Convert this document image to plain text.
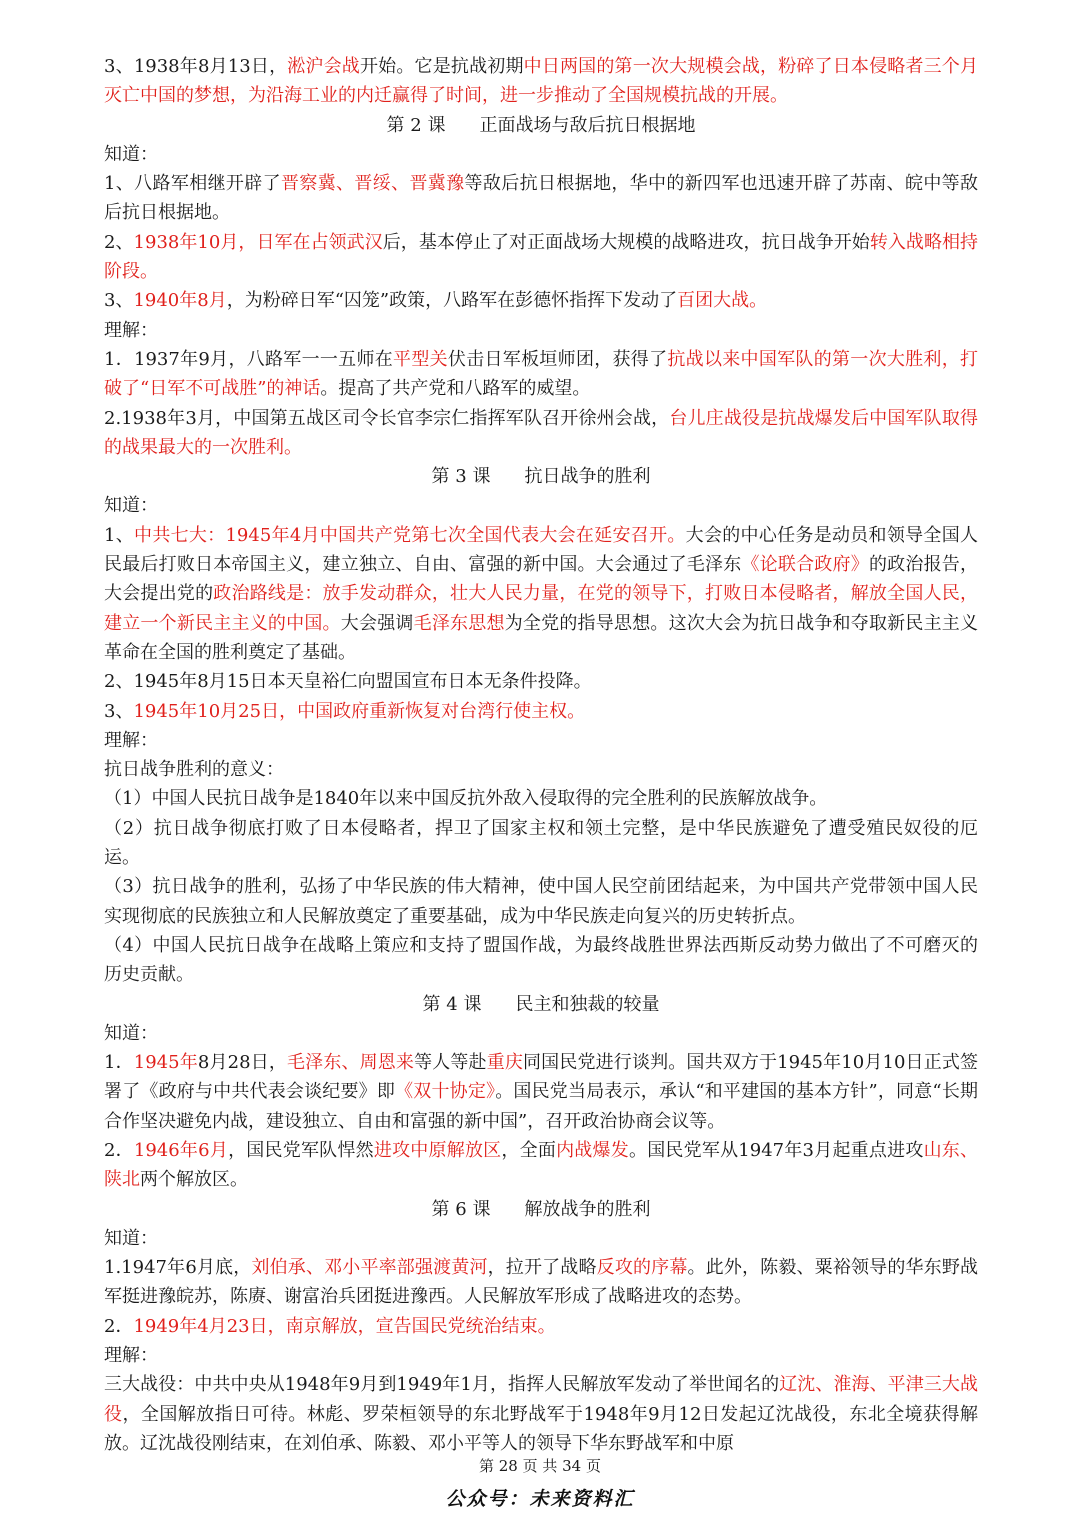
3、1938年8月13日，淞沪会战开始。它是抗战初期中日两国的第一次大规模会战，粉碎了日本侵略者三个月灭亡中国的梦想，为沿海工业的内迁赢得了时间，进一步推动了全国规模抗战的开展。

第 2 课 正面战场与敌后抗日根据地

知道：

1、八路军相继开辟了晋察冀、晋绥、晋冀豫等敌后抗日根据地，华中的新四军也迅速开辟了苏南、皖中等敌后抗日根据地。

2、1938年10月，日军在占领武汉后，基本停止了对正面战场大规模的战略进攻，抗日战争开始转入战略相持阶段。

3、1940年8月，为粉碎日军“囚笼”政策，八路军在彭德怀指挥下发动了百团大战。

理解：

1．1937年9月，八路军一一五师在平型关伏击日军板垣师团，获得了抗战以来中国军队的第一次大胜利，打破了“日军不可战胜”的神话。提高了共产党和八路军的威望。

2.1938年3月，中国第五战区司令长官李宗仁指挥军队召开徐州会战，台儿庄战役是抗战爆发后中国军队取得的战果最大的一次胜利。

第 3 课 抗日战争的胜利

知道：

1、中共七大：1945年4月中国共产党第七次全国代表大会在延安召开。大会的中心任务是动员和领导全国人民最后打败日本帝国主义，建立独立、自由、富强的新中国。大会通过了毛泽东《论联合政府》的政治报告，大会提出党的政治路线是：放手发动群众，壮大人民力量，在党的领导下，打败日本侵略者，解放全国人民，建立一个新民主主义的中国。大会强调毛泽东思想为全党的指导思想。这次大会为抗日战争和夺取新民主主义革命在全国的胜利奠定了基础。

2、1945年8月15日本天皇裕仁向盟国宣布日本无条件投降。

3、1945年10月25日，中国政府重新恢复对台湾行使主权。

理解：

抗日战争胜利的意义：

（1）中国人民抗日战争是1840年以来中国反抗外敌入侵取得的完全胜利的民族解放战争。

（2）抗日战争彻底打败了日本侵略者，捍卫了国家主权和领土完整，是中华民族避免了遭受殖民奴役的厄运。

（3）抗日战争的胜利，弘扬了中华民族的伟大精神，使中国人民空前团结起来，为中国共产党带领中国人民实现彻底的民族独立和人民解放奠定了重要基础，成为中华民族走向复兴的历史转折点。

（4）中国人民抗日战争在战略上策应和支持了盟国作战，为最终战胜世界法西斯反动势力做出了不可磨灭的历史贡献。

第 4 课 民主和独裁的较量

知道：

1．1945年8月28日，毛泽东、周恩来等人等赴重庆同国民党进行谈判。国共双方于1945年10月10日正式签署了《政府与中共代表会谈纪要》即《双十协定》。国民党当局表示，承认“和平建国的基本方针”，同意“长期合作坚决避免内战，建设独立、自由和富强的新中国”，召开政治协商会议等。

2．1946年6月，国民党军队悍然进攻中原解放区，全面内战爆发。国民党军从1947年3月起重点进攻山东、陕北两个解放区。

第 6 课 解放战争的胜利

知道：

1.1947年6月底，刘伯承、邓小平率部强渡黄河，拉开了战略反攻的序幕。此外，陈毅、粟裕领导的华东野战军挺进豫皖苏，陈赓、谢富治兵团挺进豫西。人民解放军形成了战略进攻的态势。

2．1949年4月23日，南京解放，宣告国民党统治结束。

理解：

三大战役：中共中央从1948年9月到1949年1月，指挥人民解放军发动了举世闻名的辽沈、淮海、平津三大战役，全国解放指日可待。林彪、罗荣桓领导的东北野战军于1948年9月12日发起辽沈战役，东北全境获得解放。辽沈战役刚结束，在刘伯承、陈毅、邓小平等人的领导下华东野战军和中原

第 28 页 共 34 页
公众号：未来资料汇
